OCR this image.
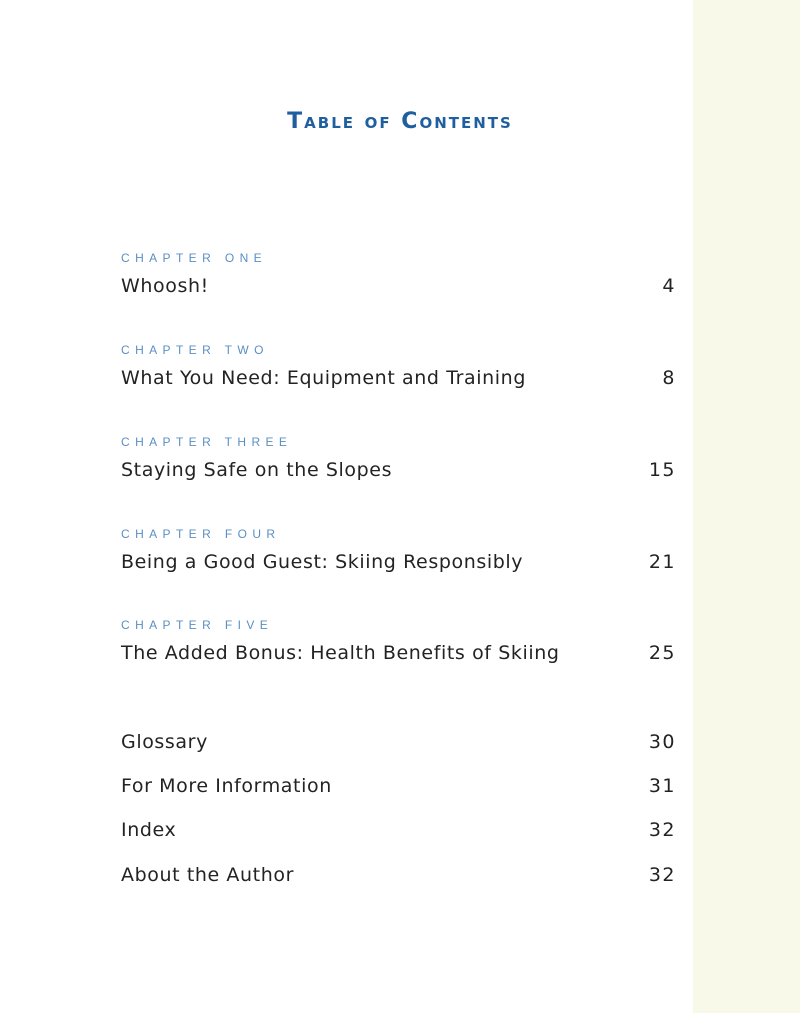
Table of Contents
CHAPTER ONE
Whoosh!	4
CHAPTER TWO
What You Need: Equipment and Training	8
CHAPTER THREE
Staying Safe on the Slopes	15
CHAPTER FOUR
Being a Good Guest: Skiing Responsibly	21
CHAPTER FIVE
The Added Bonus: Health Benefits of Skiing	25
Glossary	30
For More Information	31
Index	32
About the Author	32
